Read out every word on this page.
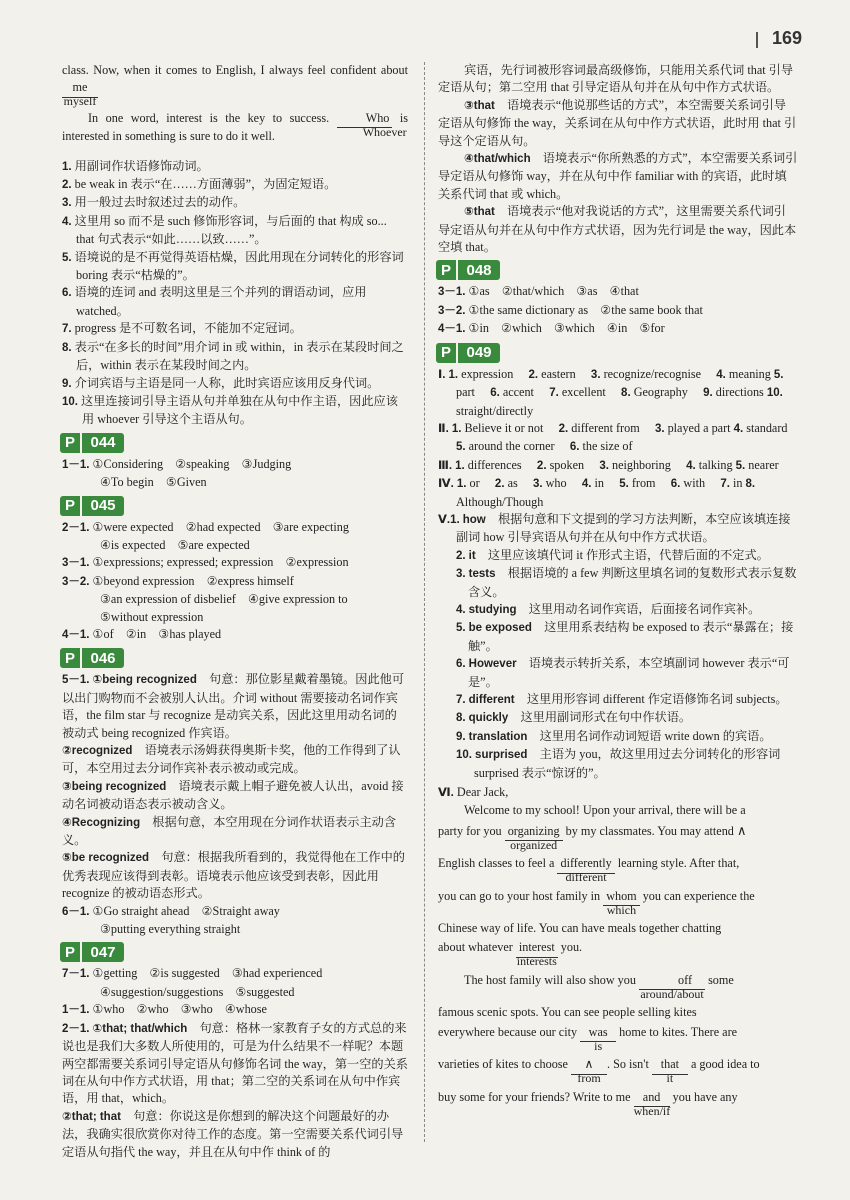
169

class. Now, when it comes to English, I always feel confident about me
myself

In one word, interest is the key to success.	Who
Whoever
is interested in something is sure to do it well.

1. 用副词作状语修饰动词。

2. be weak in 表示“在……方面薄弱”，为固定短语。

3. 用一般过去时叙述过去的动作。

4. 这里用 so 而不是 such 修饰形容词，与后面的 that 构成 so... that 句式表示“如此……以致……”。

5. 语境说的是不再觉得英语枯燥，因此用现在分词转化的形容词 boring 表示“枯燥的”。

6. 语境的连词 and 表明这里是三个并列的谓语动词，应用 watched。

7. progress 是不可数名词，不能加不定冠词。

8. 表示“在多长的时间”用介词 in 或 within，in 表示在某段时间之后，within 表示在某段时间之内。

9. 介词宾语与主语是同一人称，此时宾语应该用反身代词。

10. 这里连接词引导主语从句并单独在从句中作主语，因此应该用 whoever 引导这个主语从句。

P	044

1－1. ①Considering　②speaking　③Judging

④To begin　⑤Given

P	045

2－1. ①were expected　②had expected　③are expecting

④is expected　⑤are expected

3－1. ①expressions; expressed; expression　②expression

3－2. ①beyond expression　②express himself

③an expression of disbelief　④give expression to

⑤without expression

4－1. ①of　②in　③has played

P	046

5－1. ①being recognized　 句意：那位影星戴着墨镜。因此他可以出门购物而不会被别人认出。介词 without 需要接动名词作宾语，the film star 与 recognize 是动宾关系，因此这里用动名词的被动式 being recognized 作宾语。

②recognized　 语境表示汤姆获得奥斯卡奖，他的工作得到了认可，本空用过去分词作宾补表示被动或完成。

③being recognized　 语境表示戴上帽子避免被人认出，avoid 接动名词被动语态表示被动含义。

④Recognizing　 根据句意，本空用现在分词作状语表示主动含义。

⑤be recognized　 句意：根据我所看到的，我觉得他在工作中的优秀表现应该得到表彰。语境表示他应该受到表彰，因此用 recognize 的被动语态形式。

6－1. ①Go straight ahead　②Straight away

③putting everything straight

P	047

7－1. ①getting　②is suggested　③had experienced

④suggestion/suggestions　⑤suggested

1－1. ①who　②who　③who　④whose

2－1. ①that; that/which　 句意：格林一家教育子女的方式总的来说也是我们大多数人所使用的，可是为什么结果不一样呢？本题两空都需要关系词引导定语从句修饰名词 the way，第一空的关系词在从句中作方式状语，用 that；第二空的关系词在从句中作宾语，用 that，which。

②that; that　 句意：你说这是你想到的解决这个问题最好的办法，我确实很欣赏你对待工作的态度。第一空需要关系代词引导定语从句指代 the way，并且在从句中作 think of 的

宾语，先行词被形容词最高级修饰，只能用关系代词 that 引导定语从句；第二空用 that 引导定语从句并在从句中作方式状语。

③that　 语境表示“他说那些话的方式”，本空需要关系词引导定语从句修饰 the way，关系词在从句中作方式状语，此时用 that 引导这个定语从句。

④that/which　 语境表示“你所熟悉的方式”，本空需要关系词引导定语从句修饰 way，并在从句中作 familiar with 的宾语，此时填关系代词 that 或 which。

⑤that　 语境表示“他对我说话的方式”，这里需要关系代词引导定语从句并在从句中作方式状语，因为先行词是 the way，因此本空填 that。

P	048

3－1. ①as　②that/which　③as　④that

3－2. ①the same dictionary as　②the same book that

4－1. ①in　②which　③which　④in　⑤for

P	049

Ⅰ. 1. expression　 2. eastern　 3. recognize/recognise　 4. meaning 5. part　 6. accent　 7. excellent　 8. Geography　 9. directions 10. straight/directly

Ⅱ. 1. Believe it or not　 2. different from　 3. played a part 4. standard　 5. around the corner　 6. the size of

Ⅲ. 1. differences　 2. spoken　 3. neighboring　 4. talking 5. nearer

Ⅳ. 1. or　 2. as　 3. who　 4. in　 5. from　 6. with　 7. in 8. Although/Though

Ⅴ.1. how　 根据句意和下文提到的学习方法判断，本空应该填连接副词 how 引导宾语从句并在从句中作方式状语。

2. it　 这里应该填代词 it 作形式主语，代替后面的不定式。

3. tests　 根据语境的 a few 判断这里填名词的复数形式表示复数含义。

4. studying　 这里用动名词作宾语，后面接名词作宾补。

5. be exposed　 这里用系表结构 be exposed to 表示“暴露在；接触”。

6. However　 语境表示转折关系，本空填副词 however 表示“可是”。

7. different　 这里用形容词 different 作定语修饰名词 subjects。

8. quickly　 这里用副词形式在句中作状语。

9. translation　 这里用名词作动词短语 write down 的宾语。

10. surprised　 主语为 you，故这里用过去分词转化的形容词 surprised 表示“惊讶的”。

Ⅵ. Dear Jack,

Welcome to my school! Upon your arrival, there will be a

party for you organizing
organized
by my classmates. You may attend ∧

English classes to feel a differently
different
learning style. After that,

you can go to your host family in whom
which
you can experience the

Chinese way of life. You can have meals together chatting

about whatever interest
interests
you.

The host family will also show you	off
around/about
some

famous scenic spots. You can see people selling kites

everywhere because our city was
is
home to kites. There are

varieties of kites to choose ∧
from
. So isn't that
it
a good idea to

buy some for your friends? Write to me and
when/if
you have any
